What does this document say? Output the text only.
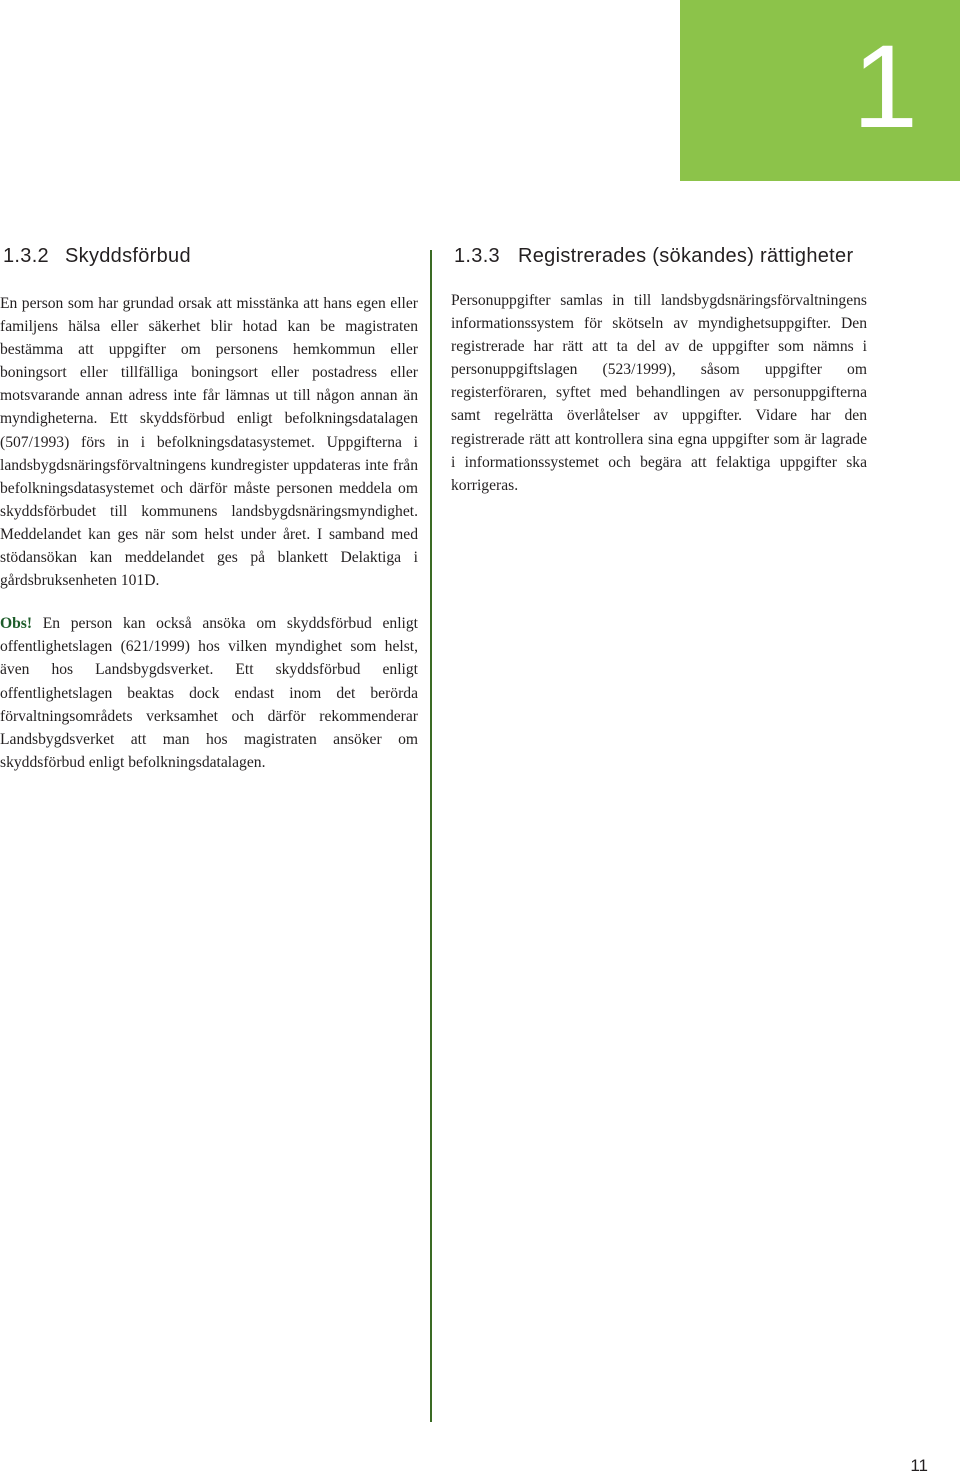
1
1.3.2 Skyddsförbud

En person som har grundad orsak att misstänka att hans egen eller familjens hälsa eller säkerhet blir hotad kan be magistraten bestämma att uppgifter om personens hemkommun eller boningsort eller tillfälliga boningsort eller postadress eller motsvarande annan adress inte får lämnas ut till någon annan än myndigheterna. Ett skyddsförbud enligt befolkningsdatalagen (507/1993) förs in i befolkningsdatasystemet. Uppgifterna i landsbygdsnäringsförvaltningens kundregister uppdateras inte från befolkningsdatasystemet och därför måste personen meddela om skyddsförbudet till kommunens landsbygdsnäringsmyndighet. Meddelandet kan ges när som helst under året. I samband med stödansökan kan meddelandet ges på blankett Delaktiga i gårdsbruksenheten 101D.

Obs! En person kan också ansöka om skyddsförbud enligt offentlighetslagen (621/1999) hos vilken myndighet som helst, även hos Landsbygdsverket. Ett skyddsförbud enligt offentlighetslagen beaktas dock endast inom det berörda förvaltningsområdets verksamhet och därför rekommenderar Landsbygdsverket att man hos magistraten ansöker om skyddsförbud enligt befolkningsdatalagen.

1.3.3 Registrerades (sökandes) rättigheter

Personuppgifter samlas in till landsbygdsnäringsförvaltningens informationssystem för skötseln av myndighetsuppgifter. Den registrerade har rätt att ta del av de uppgifter som nämns i personuppgiftslagen (523/1999), såsom uppgifter om registerföraren, syftet med behandlingen av personuppgifterna samt regelrätta överlåtelser av uppgifter. Vidare har den registrerade rätt att kontrollera sina egna uppgifter som är lagrade i informationssystemet och begära att felaktiga uppgifter ska korrigeras.

11
